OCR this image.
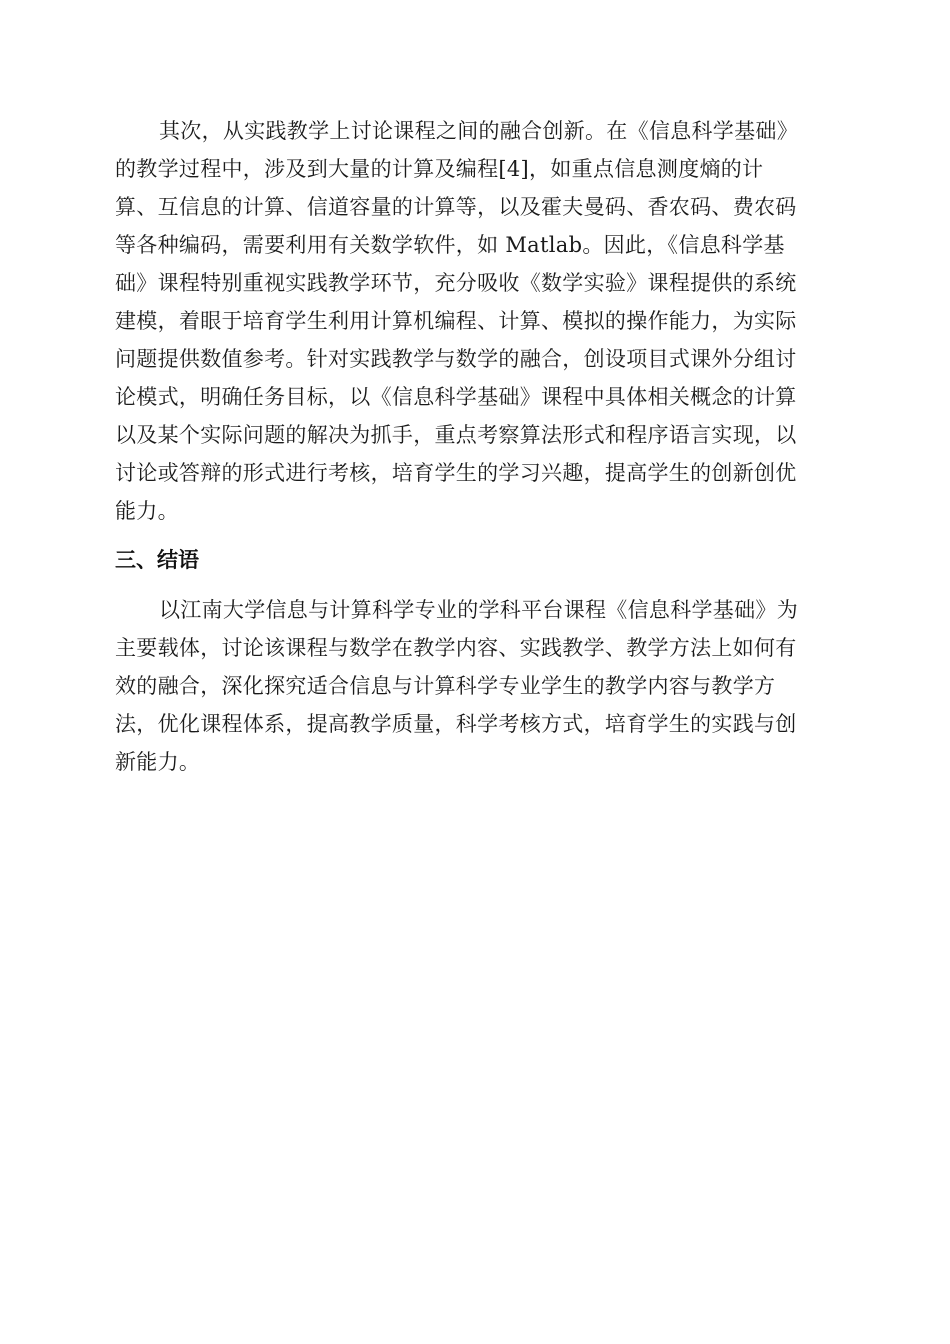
其次，从实践教学上讨论课程之间的融合创新。在《信息科学基础》
的教学过程中，涉及到大量的计算及编程[4]，如重点信息测度熵的计
算、互信息的计算、信道容量的计算等，以及霍夫曼码、香农码、费农码
等各种编码，需要利用有关数学软件，如 Matlab。因此，《信息科学基
础》课程特别重视实践教学环节，充分吸收《数学实验》课程提供的系统
建模，着眼于培育学生利用计算机编程、计算、模拟的操作能力，为实际
问题提供数值参考。针对实践教学与数学的融合，创设项目式课外分组讨
论模式，明确任务目标，以《信息科学基础》课程中具体相关概念的计算
以及某个实际问题的解决为抓手，重点考察算法形式和程序语言实现，以
讨论或答辩的形式进行考核，培育学生的学习兴趣，提高学生的创新创优
能力。

三、结语

以江南大学信息与计算科学专业的学科平台课程《信息科学基础》为
主要载体，讨论该课程与数学在教学内容、实践教学、教学方法上如何有
效的融合，深化探究适合信息与计算科学专业学生的教学内容与教学方
法，优化课程体系，提高教学质量，科学考核方式，培育学生的实践与创
新能力。
